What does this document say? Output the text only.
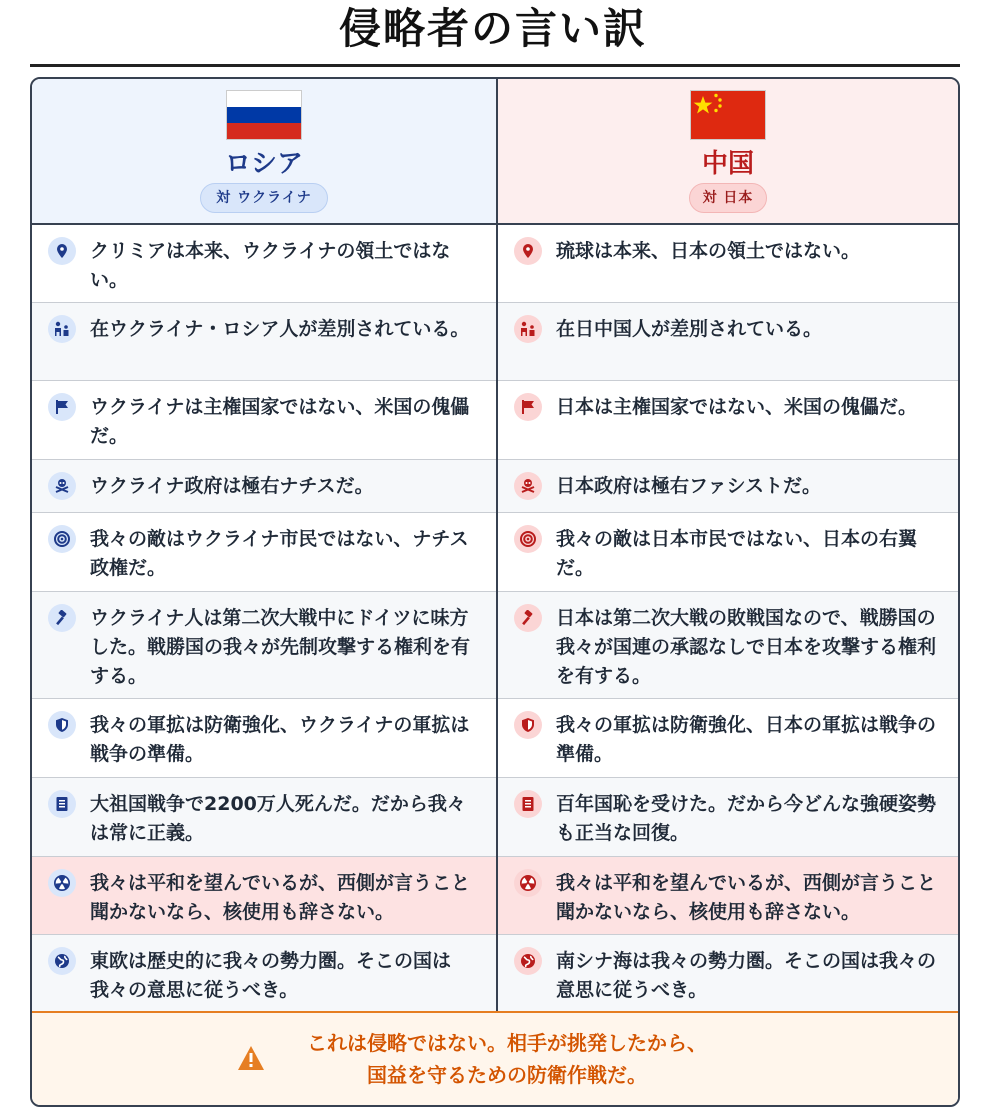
侵略者の言い訳
ロシア
対 ウクライナ
中国
対 日本
クリミアは本来、ウクライナの領土ではない。
琉球は本来、日本の領土ではない。
在ウクライナ・ロシア人が差別されている。	在日中国人が差別されている。
ウクライナは主権国家ではない、米国の傀儡だ。
日本は主権国家ではない、米国の傀儡だ。
ウクライナ政府は極右ナチスだ。	日本政府は極右ファシストだ。
我々の敵はウクライナ市民ではない、ナチス政権だ。
我々の敵は日本市民ではない、日本の右翼だ。
ウクライナ人は第二次大戦中にドイツに味方した。戦勝国の我々が先制攻撃する権利を有する。
日本は第二次大戦の敗戦国なので、戦勝国の我々が国連の承認なしで日本を攻撃する権利を有する。
我々の軍拡は防衛強化、ウクライナの軍拡は戦争の準備。
我々の軍拡は防衛強化、日本の軍拡は戦争の準備。
大祖国戦争で2200万人死んだ。だから我々は常に正義。
百年国恥を受けた。だから今どんな強硬姿勢も正当な回復。
我々は平和を望んでいるが、西側が言うこと聞かないなら、核使用も辞さない。
我々は平和を望んでいるが、西側が言うこと聞かないなら、核使用も辞さない。
東欧は歴史的に我々の勢力圏。そこの国は我々の意思に従うべき。
南シナ海は我々の勢力圏。そこの国は我々の意思に従うべき。
これは侵略ではない。相手が挑発したから、
国益を守るための防衛作戦だ。
